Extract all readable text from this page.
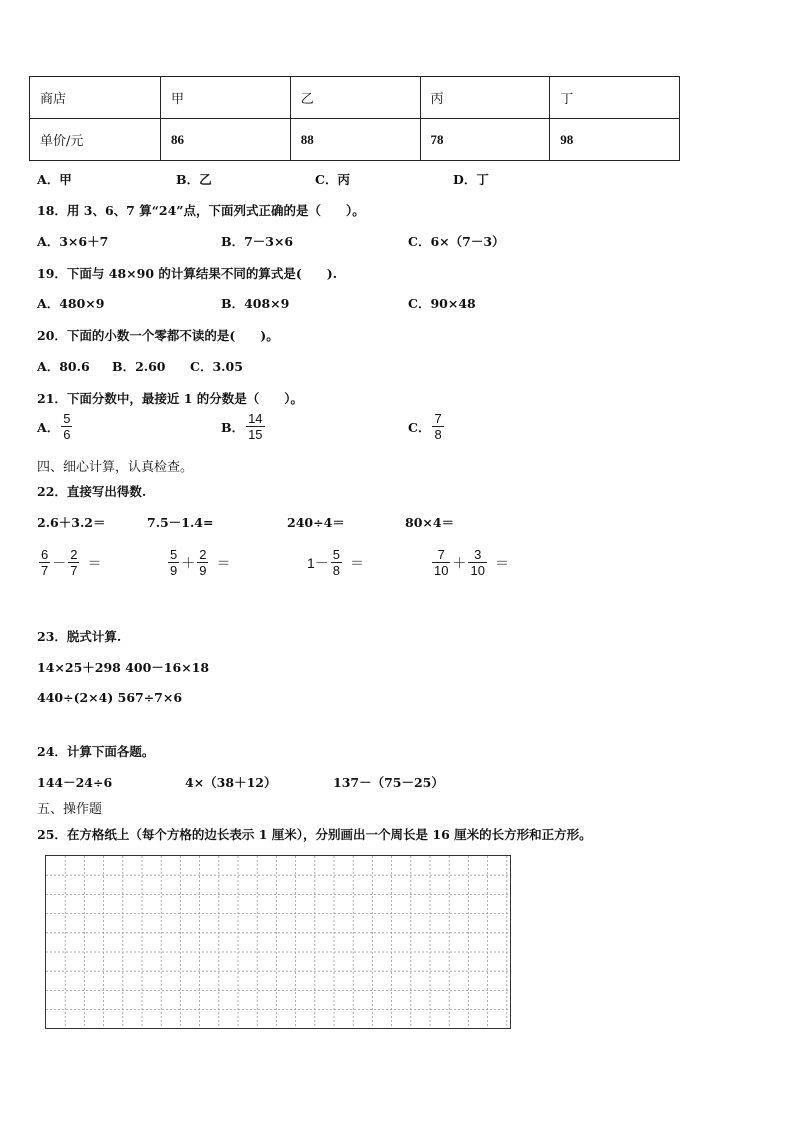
商店	甲	乙	丙	丁
单价/元	86	88	78	98
A．甲	B．乙	C．丙	D．丁
18．用 3、6、7 算“24”点，下面列式正确的是（　　）。
A．3×6＋7	B．7－3×6	C．6×（7－3）
19．下面与 48×90 的计算结果不同的算式是(　　).
A．480×9	B．408×9	C．90×48
20．下面的小数一个零都不读的是(　　)。
A．80.6 B．2.60 C．3.05
21．下面分数中，最接近 1 的分数是（　　）。
A． $\frac{5}{6}$	B． $\frac{14}{15}$	C． $\frac{7}{8}$
四、细心计算，认真检查。
22．直接写出得数.
2.6＋3.2＝	7.5－1.4=	240÷4＝	80×4＝
$\frac{6}{7} - \frac{2}{7}$ ＝	$\frac{5}{9} + \frac{2}{9}$ ＝	$1- \frac{5}{8}$ ＝	$\frac{7}{10} + \frac{3}{10}$ ＝
23．脱式计算.
14×25＋298 400－16×18
440÷(2×4) 567÷7×6
24．计算下面各题。
144－24÷6	4×（38＋12）	137－（75－25）
五、操作题
25．在方格纸上（每个方格的边长表示 1 厘米），分别画出一个周长是 16 厘米的长方形和正方形。
